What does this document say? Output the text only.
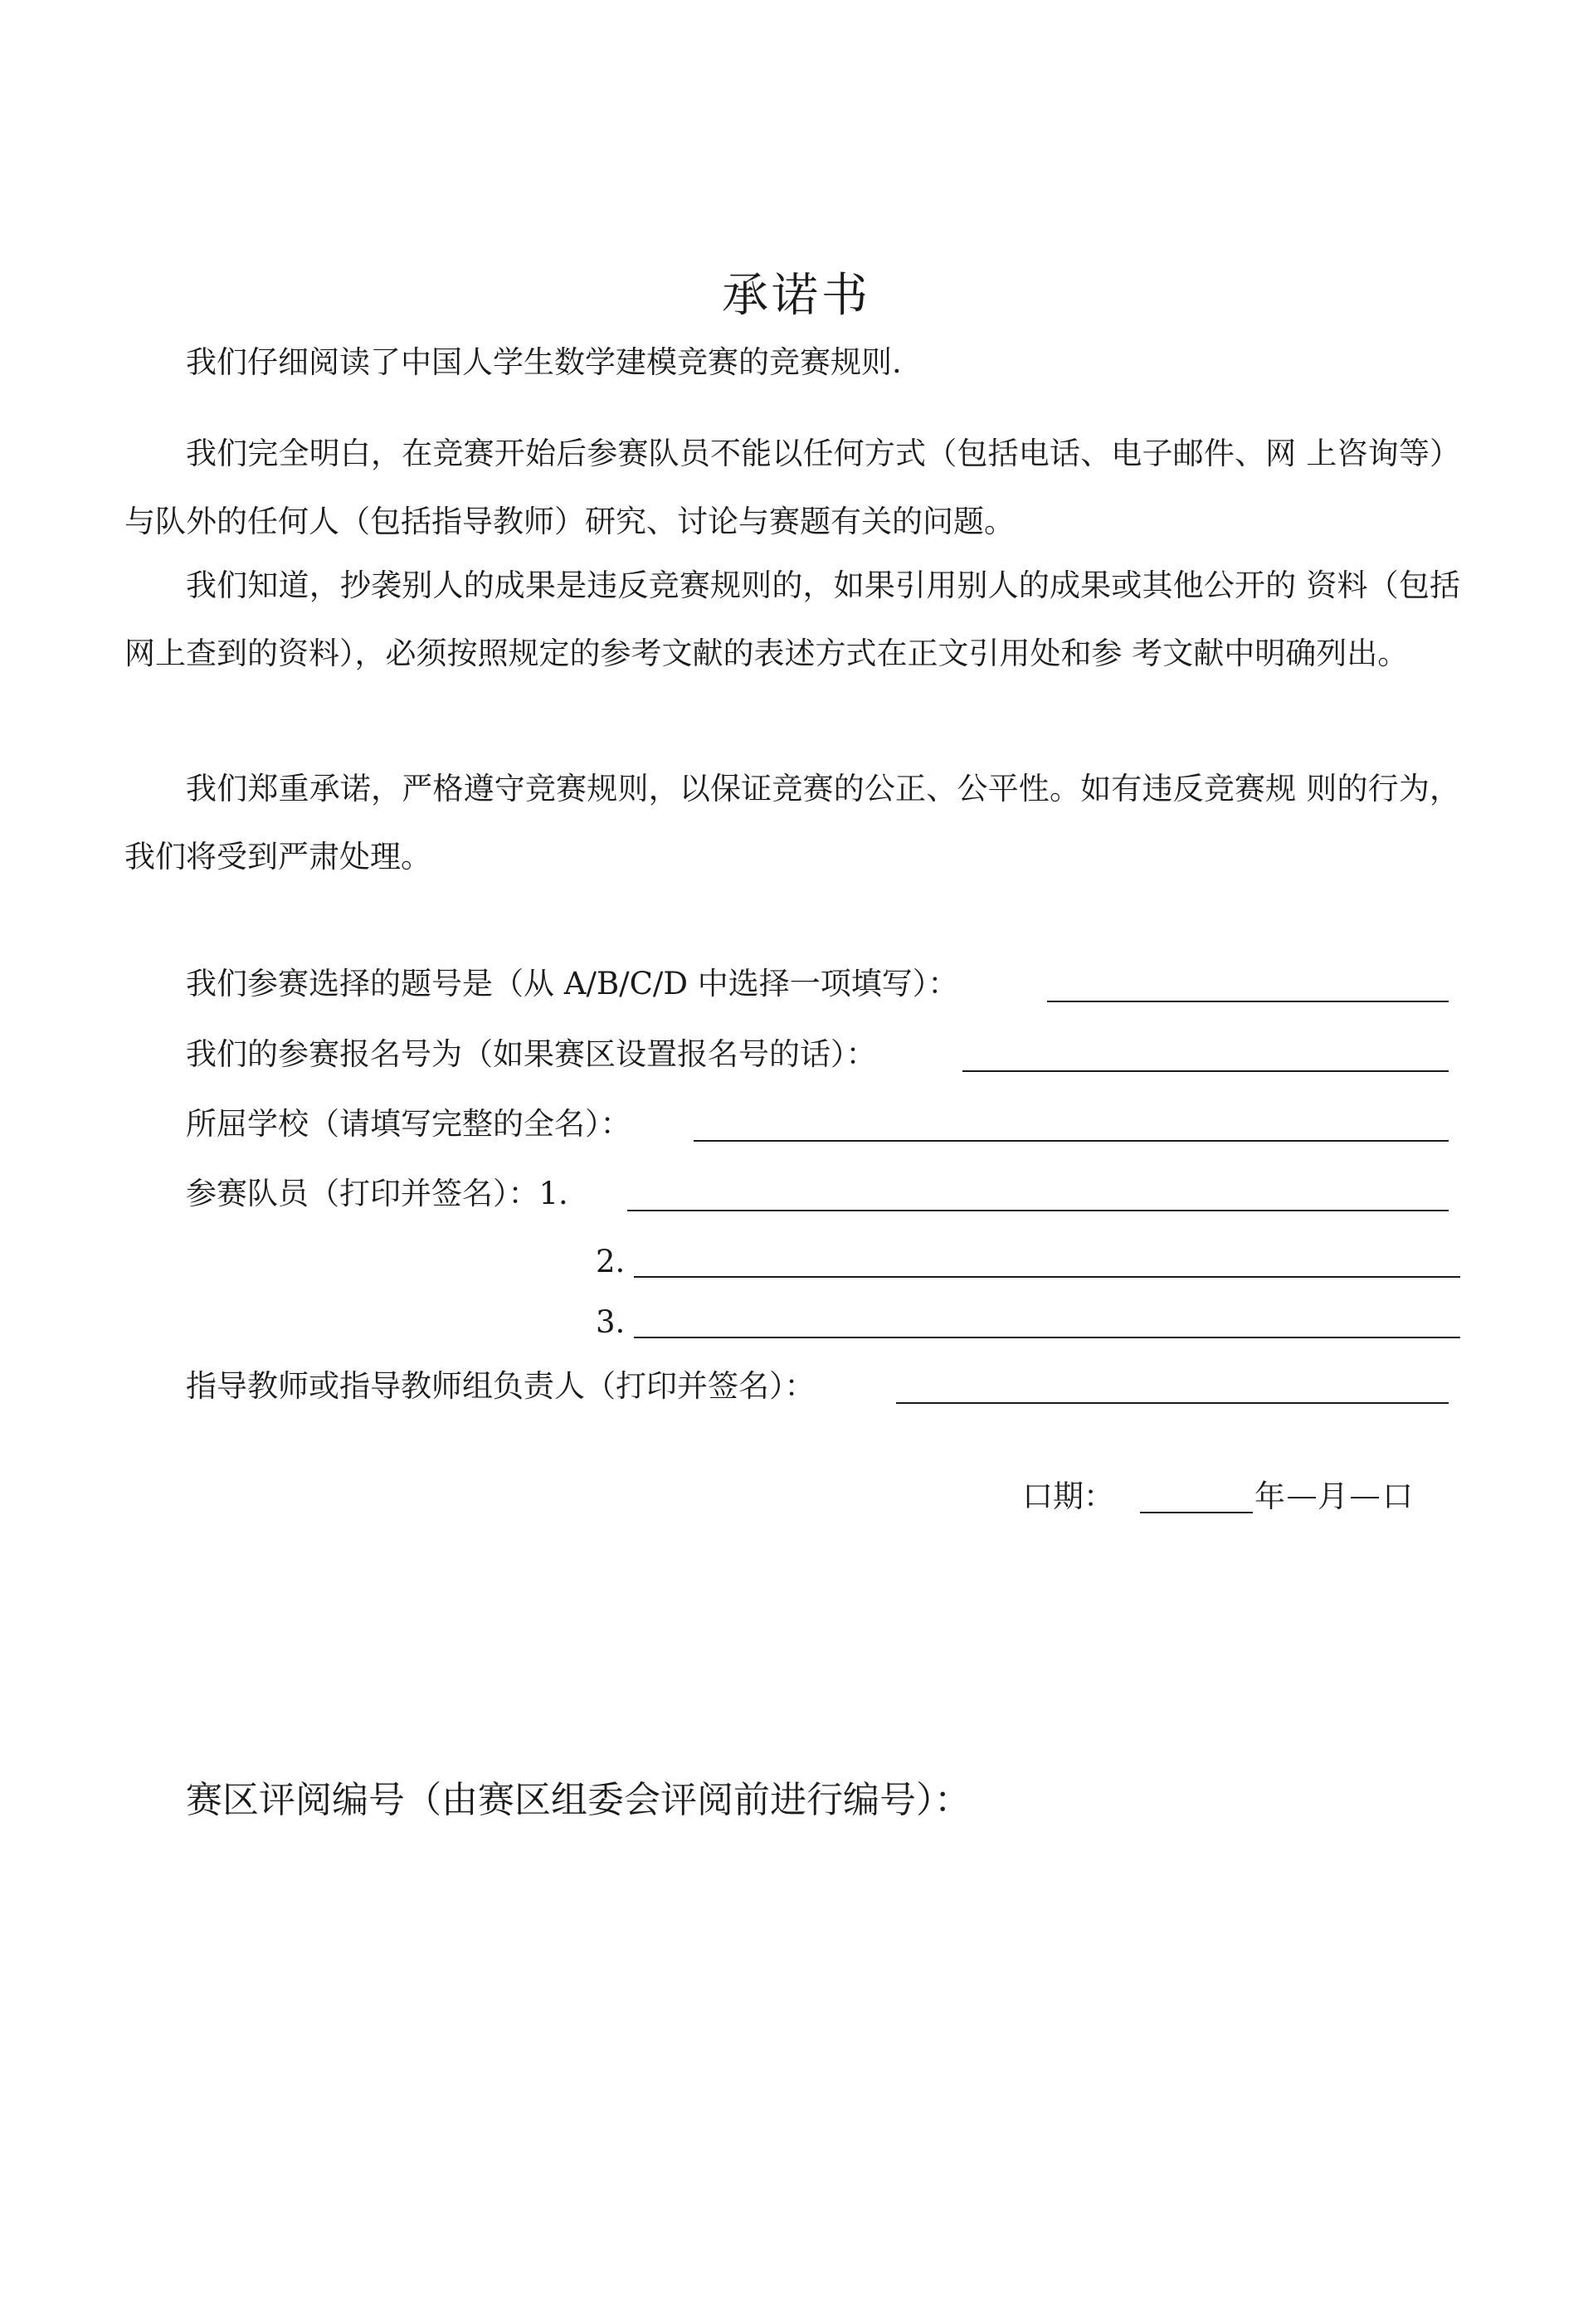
承诺书

我们仔细阅读了中国人学生数学建模竞赛的竞赛规则.

我们完全明白，在竞赛开始后参赛队员不能以任何方式（包括电话、电子邮件、网 上咨询等）与队外的任何人（包括指导教师）研究、讨论与赛题有关的问题。

我们知道，抄袭别人的成果是违反竞赛规则的，如果引用别人的成果或其他公开的 资料（包括网上查到的资料），必须按照规定的参考文献的表述方式在正文引用处和参 考文献中明确列出。

我们郑重承诺，严格遵守竞赛规则，以保证竞赛的公正、公平性。如有违反竞赛规 则的行为，我们将受到严肃处理。

我们参赛选择的题号是（从 A/B/C/D 中选择一项填写）：
我们的参赛报名号为（如果赛区设置报名号的话）：
所屈学校（请填写完整的全名）：
参赛队员（打印并签名）：1.
2.
3.
指导教师或指导教师组负责人（打印并签名）：
口期：	年 月 口
赛区评阅编号（由赛区组委会评阅前进行编号）：
